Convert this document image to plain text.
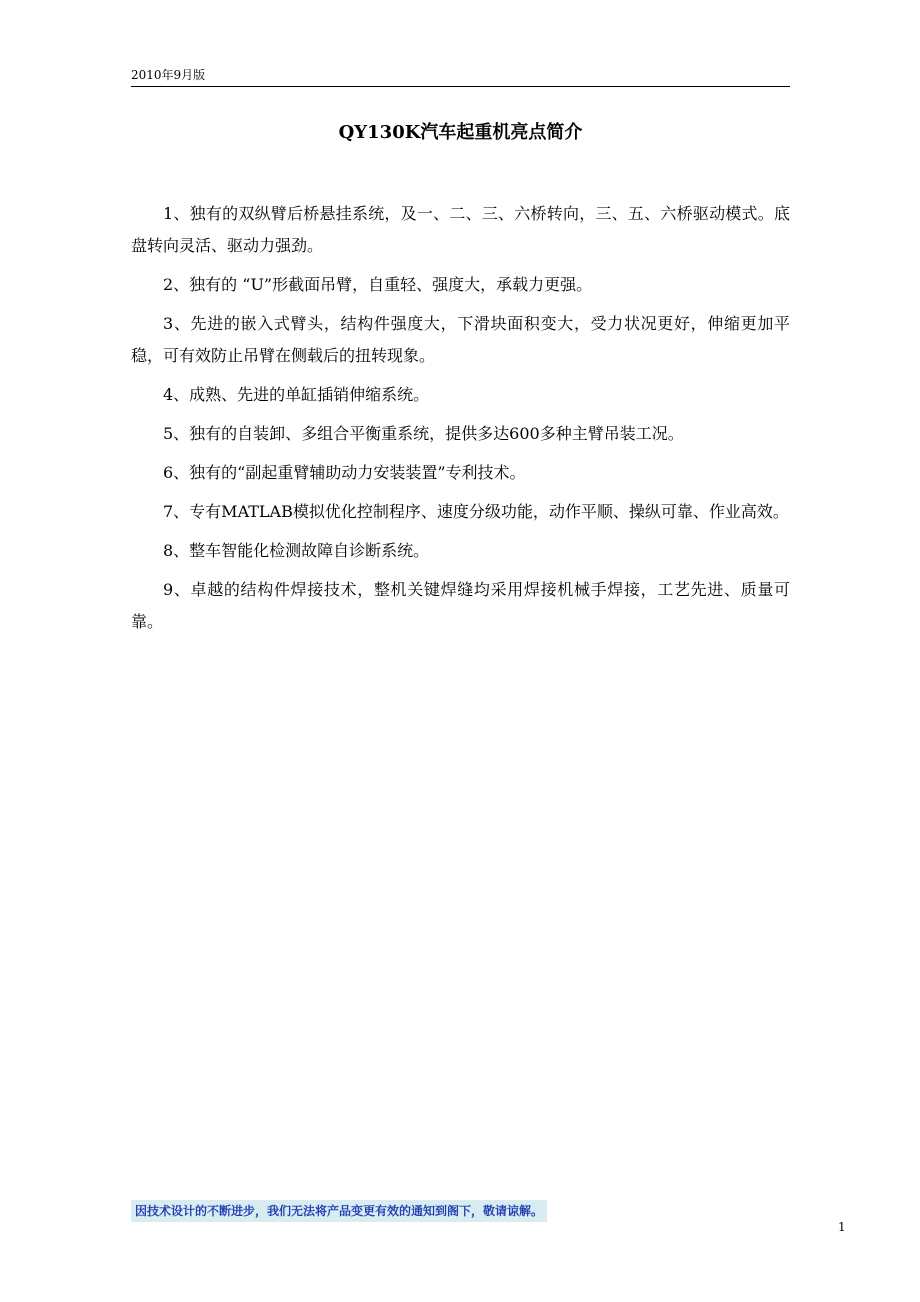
2010年9月版
QY130K汽车起重机亮点简介

1、独有的双纵臂后桥悬挂系统，及一、二、三、六桥转向，三、五、六桥驱动模式。底盘转向灵活、驱动力强劲。

2、独有的 “U”形截面吊臂，自重轻、强度大，承载力更强。

3、先进的嵌入式臂头，结构件强度大，下滑块面积变大，受力状况更好，伸缩更加平稳，可有效防止吊臂在侧载后的扭转现象。

4、成熟、先进的单缸插销伸缩系统。

5、独有的自装卸、多组合平衡重系统，提供多达600多种主臂吊装工况。

6、独有的“副起重臂辅助动力安装装置”专利技术。

7、专有MATLAB模拟优化控制程序、速度分级功能，动作平顺、操纵可靠、作业高效。

8、整车智能化检测故障自诊断系统。

9、卓越的结构件焊接技术，整机关键焊缝均采用焊接机械手焊接，工艺先进、质量可靠。

因技术设计的不断进步，我们无法将产品变更有效的通知到阁下，敬请谅解。
1
